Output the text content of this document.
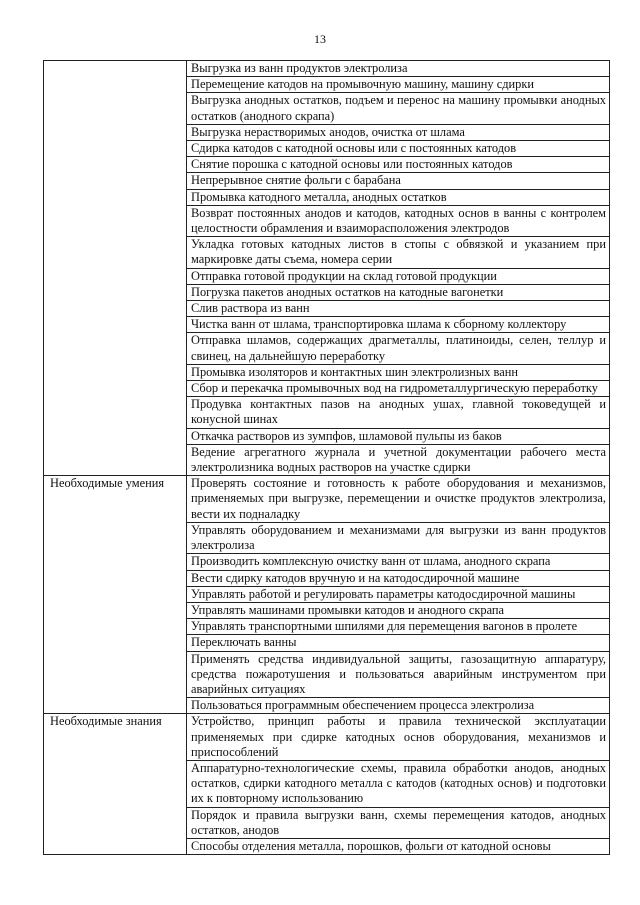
13
	Выгрузка из ванн продуктов электролиза
	Перемещение катодов на промывочную машину, машину сдирки
	Выгрузка анодных остатков, подъем и перенос на машину промывки анодных остатков (анодного скрапа)
	Выгрузка нерастворимых анодов, очистка от шлама
	Сдирка катодов с катодной основы или с постоянных катодов
	Снятие порошка с катодной основы или постоянных катодов
	Непрерывное снятие фольги с барабана
	Промывка катодного металла, анодных остатков
	Возврат постоянных анодов и катодов, катодных основ в ванны с контролем целостности обрамления и взаиморасположения электродов
	Укладка готовых катодных листов в стопы с обвязкой и указанием при маркировке даты съема, номера серии
	Отправка готовой продукции на склад готовой продукции
	Погрузка пакетов анодных остатков на катодные вагонетки
	Слив раствора из ванн
	Чистка ванн от шлама, транспортировка шлама к сборному коллектору
	Отправка шламов, содержащих драгметаллы, платиноиды, селен, теллур и свинец, на дальнейшую переработку
	Промывка изоляторов и контактных шин электролизных ванн
	Сбор и перекачка промывочных вод на гидрометаллургическую переработку
	Продувка контактных пазов на анодных ушах, главной токоведущей и конусной шинах
	Откачка растворов из зумпфов, шламовой пульпы из баков
	Ведение агрегатного журнала и учетной документации рабочего места электролизника водных растворов на участке сдирки
Необходимые умения	Проверять состояние и готовность к работе оборудования и механизмов, применяемых при выгрузке, перемещении и очистке продуктов электролиза, вести их подналадку
	Управлять оборудованием и механизмами для выгрузки из ванн продуктов электролиза
	Производить комплексную очистку ванн от шлама, анодного скрапа
	Вести сдирку катодов вручную и на катодосдирочной машине
	Управлять работой и регулировать параметры катодосдирочной машины
	Управлять машинами промывки катодов и анодного скрапа
	Управлять транспортными шпилями для перемещения вагонов в пролете
	Переключать ванны
	Применять средства индивидуальной защиты, газозащитную аппаратуру, средства пожаротушения и пользоваться аварийным инструментом при аварийных ситуациях
	Пользоваться программным обеспечением процесса электролиза
Необходимые знания	Устройство, принцип работы и правила технической эксплуатации применяемых при сдирке катодных основ оборудования, механизмов и приспособлений
	Аппаратурно-технологические схемы, правила обработки анодов, анодных остатков, сдирки катодного металла с катодов (катодных основ) и подготовки их к повторному использованию
	Порядок и правила выгрузки ванн, схемы перемещения катодов, анодных остатков, анодов
	Способы отделения металла, порошков, фольги от катодной основы
